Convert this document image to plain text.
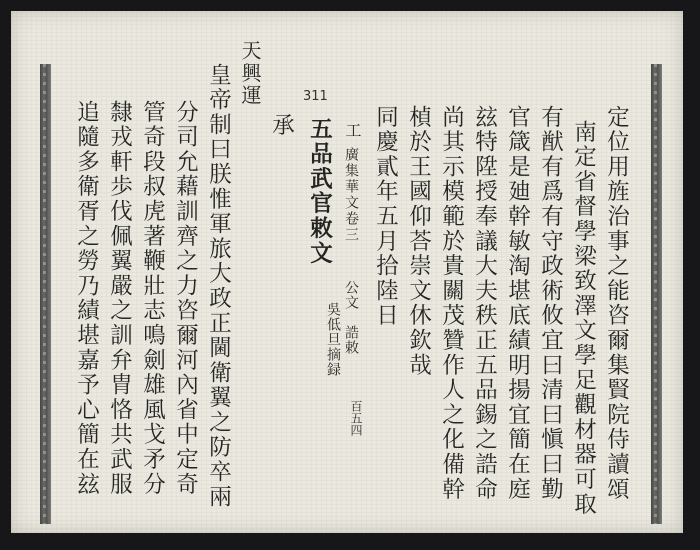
定位用旌治事之能咨爾集賢院侍讀頌
南定省督學梁致澤文學足觀材器可取
有猷有爲有守政術攸宜曰清曰愼曰勤
官箴是廸幹敏淘堪底績明揚宜簡在庭
玆特陞授奉議大夫秩正五品錫之誥命
尚其示模範於貴關茂贊作人之化備幹
楨於王國仰荅崇文休欽哉
同慶貳年五月拾陸日
工
廣集華文卷三
公文　誥敕
吳低旦摘録
百五四
311
五品武官敕文
承
天興運
皇帝制曰朕惟軍旅大政正閫衛翼之防卒兩
分司允藉訓齊之力咨爾河內省中定奇
管奇段叔虎著鞭壯志鳴劍雄風戈矛分
隸戎軒歩伐佩翼嚴之訓弁胄恪共武服
追隨多衛胥之勞乃績堪嘉予心簡在玆
